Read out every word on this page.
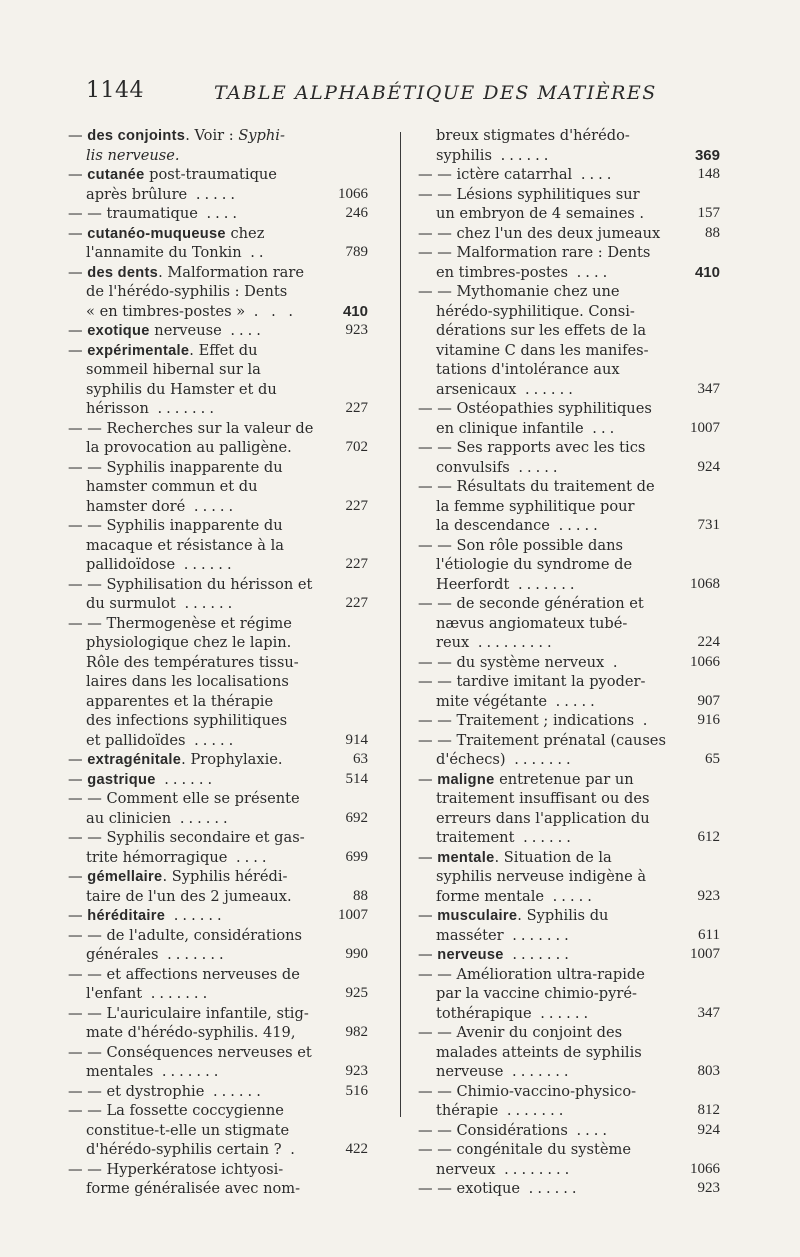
1144	TABLE ALPHABÉTIQUE DES MATIÈRES
— des conjoints. Voir : Syphi-
lis nerveuse.
— cutanée post-traumatique
après brûlure .....	1066
— — traumatique ....	246
— cutanéo-muqueuse chez
l'annamite du Tonkin ..	789
— des dents. Malformation rare
de l'hérédo-syphilis : Dents
« en timbres-postes » . . .	410
— exotique nerveuse ....	923
— expérimentale. Effet du
sommeil hibernal sur la
syphilis du Hamster et du
hérisson .......	227
— — Recherches sur la valeur de
la provocation au palligène.	702
— — Syphilis inapparente du
hamster commun et du
hamster doré .....	227
— — Syphilis inapparente du
macaque et résistance à la
pallidoïdose ......	227
— — Syphilisation du hérisson et
du surmulot ......	227
— — Thermogenèse et régime
physiologique chez le lapin.
Rôle des températures tissu-
laires dans les localisations
apparentes et la thérapie
des infections syphilitiques
et pallidoïdes .....	914
— extragénitale. Prophylaxie.	63
— gastrique ......	514
— — Comment elle se présente
au clinicien ......	692
— — Syphilis secondaire et gas-
trite hémorragique ....	699
— gémellaire. Syphilis hérédi-
taire de l'un des 2 jumeaux.	88
— héréditaire ......	1007
— — de l'adulte, considérations
générales .......	990
— — et affections nerveuses de
l'enfant .......	925
— — L'auriculaire infantile, stig-
mate d'hérédo-syphilis. 419,	982
— — Conséquences nerveuses et
mentales .......	923
— — et dystrophie ......	516
— — La fossette coccygienne
constitue-t-elle un stigmate
d'hérédo-syphilis certain ? .	422
— — Hyperkératose ichtyosi-
forme généralisée avec nom-
breux stigmates d'hérédo-
syphilis ......	369
— — ictère catarrhal ....	148
— — Lésions syphilitiques sur
un embryon de 4 semaines .	157
— — chez l'un des deux jumeaux	88
— — Malformation rare : Dents
en timbres-postes ....	410
— — Mythomanie chez une
hérédo-syphilitique. Consi-
dérations sur les effets de la
vitamine C dans les manifes-
tations d'intolérance aux
arsenicaux ......	347
— — Ostéopathies syphilitiques
en clinique infantile ...	1007
— — Ses rapports avec les tics
convulsifs .....	924
— — Résultats du traitement de
la femme syphilitique pour
la descendance .....	731
— — Son rôle possible dans
l'étiologie du syndrome de
Heerfordt .......	1068
— — de seconde génération et
nævus angiomateux tubé-
reux .........	224
— — du système nerveux .	1066
— — tardive imitant la pyoder-
mite végétante .....	907
— — Traitement ; indications .	916
— — Traitement prénatal (causes
d'échecs) .......	65
— maligne entretenue par un
traitement insuffisant ou des
erreurs dans l'application du
traitement ......	612
— mentale. Situation de la
syphilis nerveuse indigène à
forme mentale .....	923
— musculaire. Syphilis du
masséter .......	611
— nerveuse .......	1007
— — Amélioration ultra-rapide
par la vaccine chimio-pyré-
tothérapique ......	347
— — Avenir du conjoint des
malades atteints de syphilis
nerveuse .......	803
— — Chimio-vaccino-physico-
thérapie .......	812
— — Considérations ....	924
— — congénitale du système
nerveux ........	1066
— — exotique ......	923
